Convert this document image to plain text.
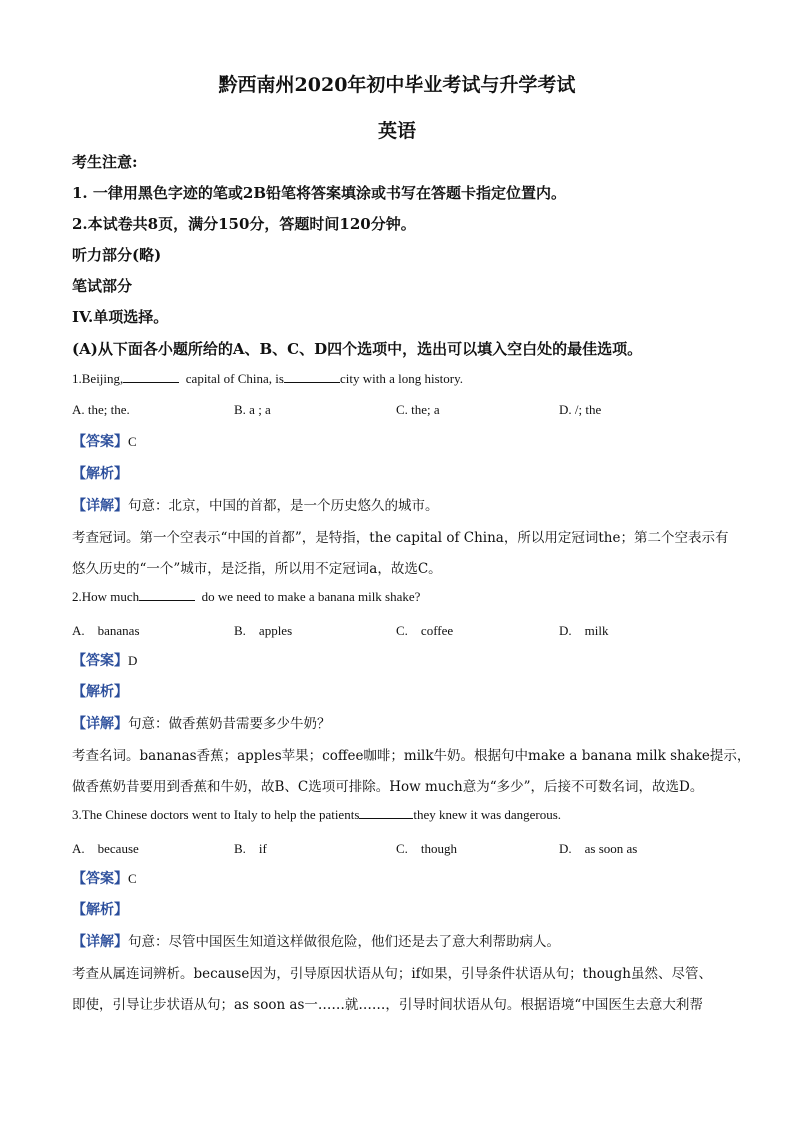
黔西南州2020年初中毕业考试与升学考试
英语
考生注意:
1. 一律用黑色字迹的笔或2B铅笔将答案填涂或书写在答题卡指定位置内。
2.本试卷共8页，满分150分，答题时间120分钟。
听力部分(略)
笔试部分
IV.单项选择。
(A)从下面各小题所给的A、B、C、D四个选项中，选出可以填入空白处的最佳选项。
1.Beijing,	capital of China, is	city with a long history.
A. the; the.	B. a ; a	C. the; a	D. /; the
【答案】C
【解析】
【详解】句意：北京，中国的首都，是一个历史悠久的城市。
考查冠词。第一个空表示“中国的首都”，是特指，the capital of China，所以用定冠词the；第二个空表示有
悠久历史的“一个”城市，是泛指，所以用不定冠词a，故选C。
2.How much	do we need to make a banana milk shake?
A.　bananas	B.　apples	C.　coffee	D.　milk
【答案】D
【解析】
【详解】句意：做香蕉奶昔需要多少牛奶？
考查名词。bananas香蕉；apples苹果；coffee咖啡；milk牛奶。根据句中make a banana milk shake提示，
做香蕉奶昔要用到香蕉和牛奶，故B、C选项可排除。How much意为“多少”，后接不可数名词，故选D。
3.The Chinese doctors went to Italy to help the patients	they knew it was dangerous.
A.　because	B.　if	C.　though	D.　as soon as
【答案】C
【解析】
【详解】句意：尽管中国医生知道这样做很危险，他们还是去了意大利帮助病人。
考查从属连词辨析。because因为，引导原因状语从句；if如果，引导条件状语从句；though虽然、尽管、
即使，引导让步状语从句；as soon as一……就……，引导时间状语从句。根据语境“中国医生去意大利帮
